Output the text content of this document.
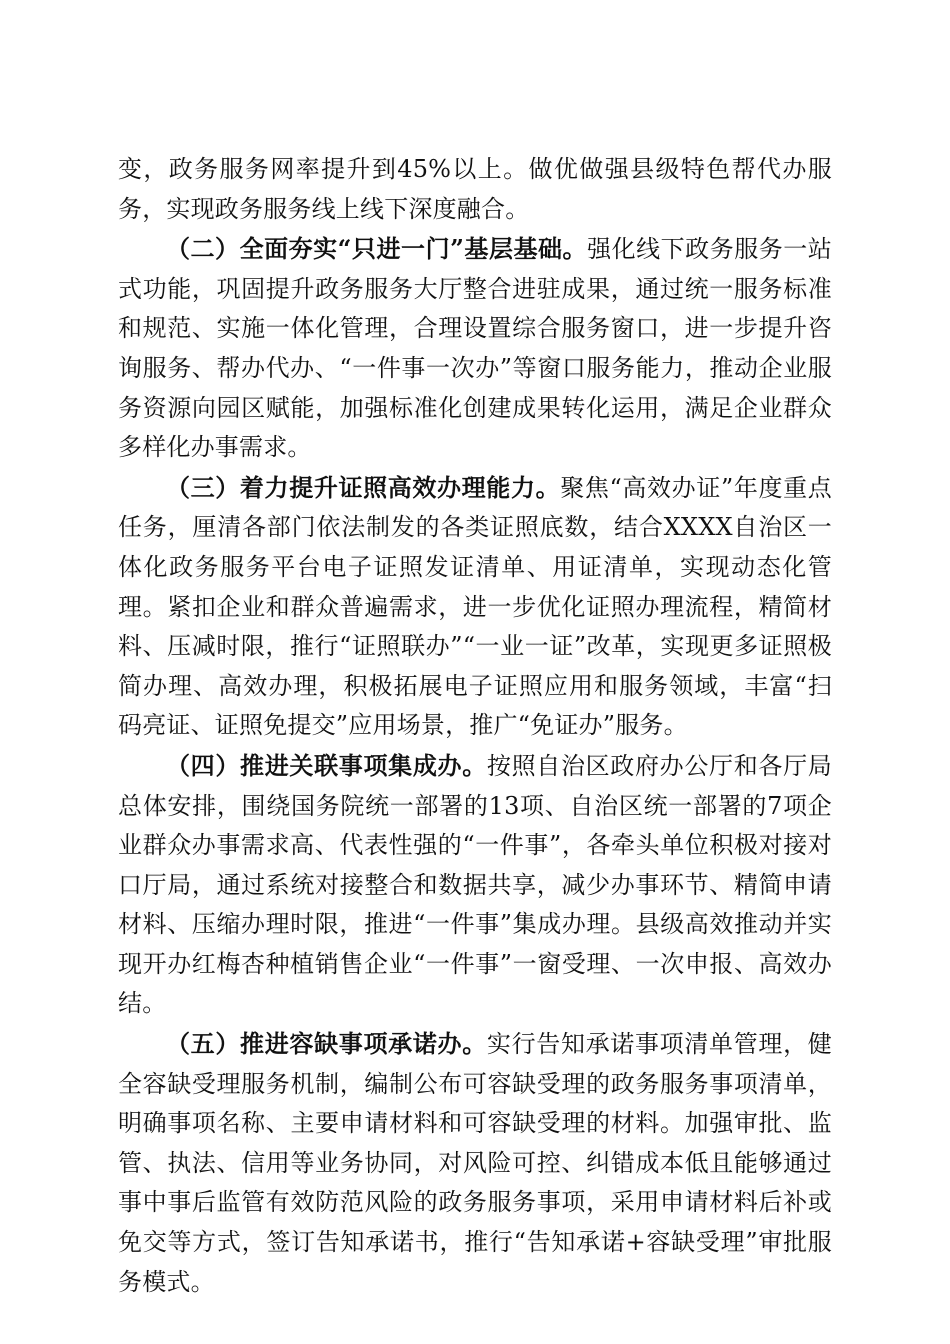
变，政务服务网率提升到45%以上。做优做强县级特色帮代办服务，实现政务服务线上线下深度融合。

（二）全面夯实“只进一门”基层基础。强化线下政务服务一站式功能，巩固提升政务服务大厅整合进驻成果，通过统一服务标准和规范、实施一体化管理，合理设置综合服务窗口，进一步提升咨询服务、帮办代办、“一件事一次办”等窗口服务能力，推动企业服务资源向园区赋能，加强标准化创建成果转化运用，满足企业群众多样化办事需求。

（三）着力提升证照高效办理能力。聚焦“高效办证”年度重点任务，厘清各部门依法制发的各类证照底数，结合XXXX自治区一体化政务服务平台电子证照发证清单、用证清单，实现动态化管理。紧扣企业和群众普遍需求，进一步优化证照办理流程，精简材料、压减时限，推行“证照联办”“一业一证”改革，实现更多证照极简办理、高效办理，积极拓展电子证照应用和服务领域，丰富“扫码亮证、证照免提交”应用场景，推广“免证办”服务。

（四）推进关联事项集成办。按照自治区政府办公厅和各厅局总体安排，围绕国务院统一部署的13项、自治区统一部署的7项企业群众办事需求高、代表性强的“一件事”，各牵头单位积极对接对口厅局，通过系统对接整合和数据共享，减少办事环节、精简申请材料、压缩办理时限，推进“一件事”集成办理。县级高效推动并实现开办红梅杏种植销售企业“一件事”一窗受理、一次申报、高效办结。

（五）推进容缺事项承诺办。实行告知承诺事项清单管理，健全容缺受理服务机制，编制公布可容缺受理的政务服务事项清单，明确事项名称、主要申请材料和可容缺受理的材料。加强审批、监管、执法、信用等业务协同，对风险可控、纠错成本低且能够通过事中事后监管有效防范风险的政务服务事项，采用申请材料后补或免交等方式，签订告知承诺书，推行“告知承诺+容缺受理”审批服务模式。
